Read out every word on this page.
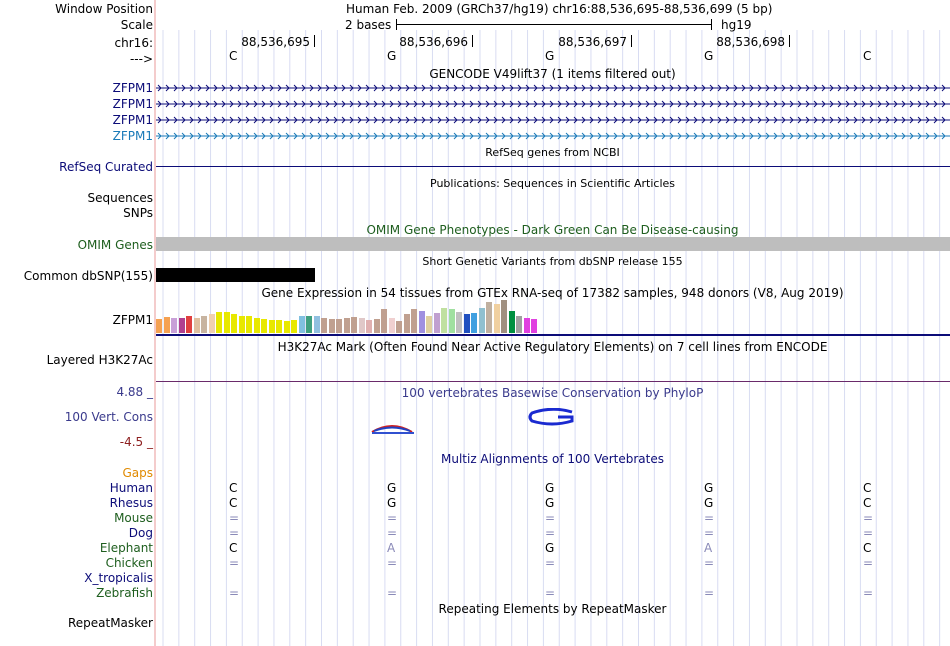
Window Position	Human Feb. 2009 (GRCh37/hg19) chr16:88,536,695-88,536,699 (5 bp)
Scale	2 bases	hg19
chr16:
--->
88,536,695	88,536,696	88,536,697	88,536,698
C	G	G	G	C
GENCODE V49lift37 (1 items filtered out)
ZFPM1
ZFPM1
ZFPM1
ZFPM1
RefSeq Curated
RefSeq genes from NCBI
Publications: Sequences in Scientific Articles
Sequences
SNPs
OMIM Gene Phenotypes - Dark Green Can Be Disease-causing
OMIM Genes
Short Genetic Variants from dbSNP release 155
Common dbSNP(155)
Gene Expression in 54 tissues from GTEx RNA-seq of 17382 samples, 948 donors (V8, Aug 2019)
ZFPM1
H3K27Ac Mark (Often Found Near Active Regulatory Elements) on 7 cell lines from ENCODE
Layered H3K27Ac
100 vertebrates Basewise Conservation by PhyloP
4.88 _
100 Vert. Cons
-4.5 _
Multiz Alignments of 100 Vertebrates
Gaps
Human	C	G	G	G	C
Rhesus	C	G	G	G	C
Mouse	=	=	=	=	=
Dog	=	=	=	=	=
Elephant	C	A	G	A	C
Chicken	=	=	=	=	=
X_tropicalis
Zebrafish	=	=	=	=	=
Repeating Elements by RepeatMasker
RepeatMasker
